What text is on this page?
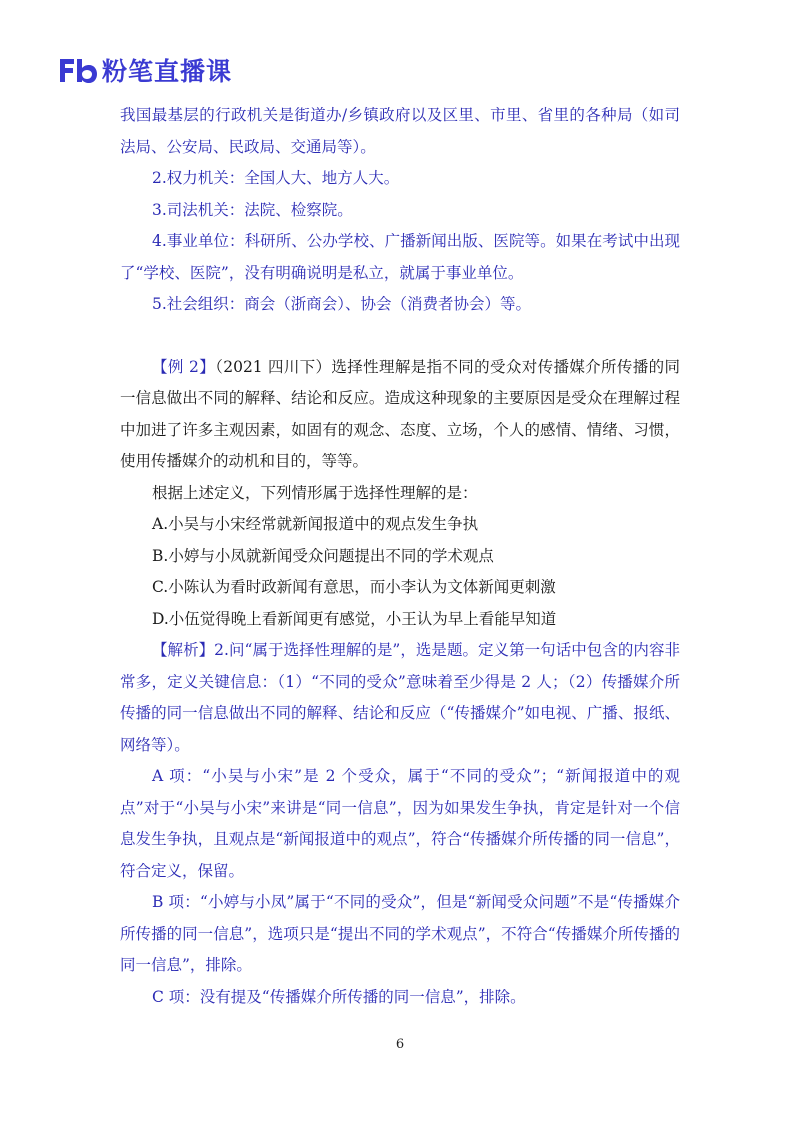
粉笔直播课

我国最基层的行政机关是街道办/乡镇政府以及区里、市里、省里的各种局（如司法局、公安局、民政局、交通局等）。

2.权力机关：全国人大、地方人大。

3.司法机关：法院、检察院。

4.事业单位：科研所、公办学校、广播新闻出版、医院等。如果在考试中出现了“学校、医院”，没有明确说明是私立，就属于事业单位。

5.社会组织：商会（浙商会）、协会（消费者协会）等。

【例 2】（2021 四川下）选择性理解是指不同的受众对传播媒介所传播的同一信息做出不同的解释、结论和反应。造成这种现象的主要原因是受众在理解过程中加进了许多主观因素，如固有的观念、态度、立场，个人的感情、情绪、习惯，使用传播媒介的动机和目的，等等。

根据上述定义，下列情形属于选择性理解的是：

A.小吴与小宋经常就新闻报道中的观点发生争执

B.小婷与小凤就新闻受众问题提出不同的学术观点

C.小陈认为看时政新闻有意思，而小李认为文体新闻更刺激

D.小伍觉得晚上看新闻更有感觉，小王认为早上看能早知道

【解析】2.问“属于选择性理解的是”，选是题。定义第一句话中包含的内容非常多，定义关键信息：（1）“不同的受众”意味着至少得是 2 人；（2）传播媒介所传播的同一信息做出不同的解释、结论和反应（“传播媒介”如电视、广播、报纸、网络等）。

A 项：“小吴与小宋”是 2 个受众，属于“不同的受众”；“新闻报道中的观点”对于“小吴与小宋”来讲是“同一信息”，因为如果发生争执，肯定是针对一个信息发生争执，且观点是“新闻报道中的观点”，符合“传播媒介所传播的同一信息”，符合定义，保留。

B 项：“小婷与小凤”属于“不同的受众”，但是“新闻受众问题”不是“传播媒介所传播的同一信息”，选项只是“提出不同的学术观点”，不符合“传播媒介所传播的同一信息”，排除。

C 项：没有提及“传播媒介所传播的同一信息”，排除。

6
